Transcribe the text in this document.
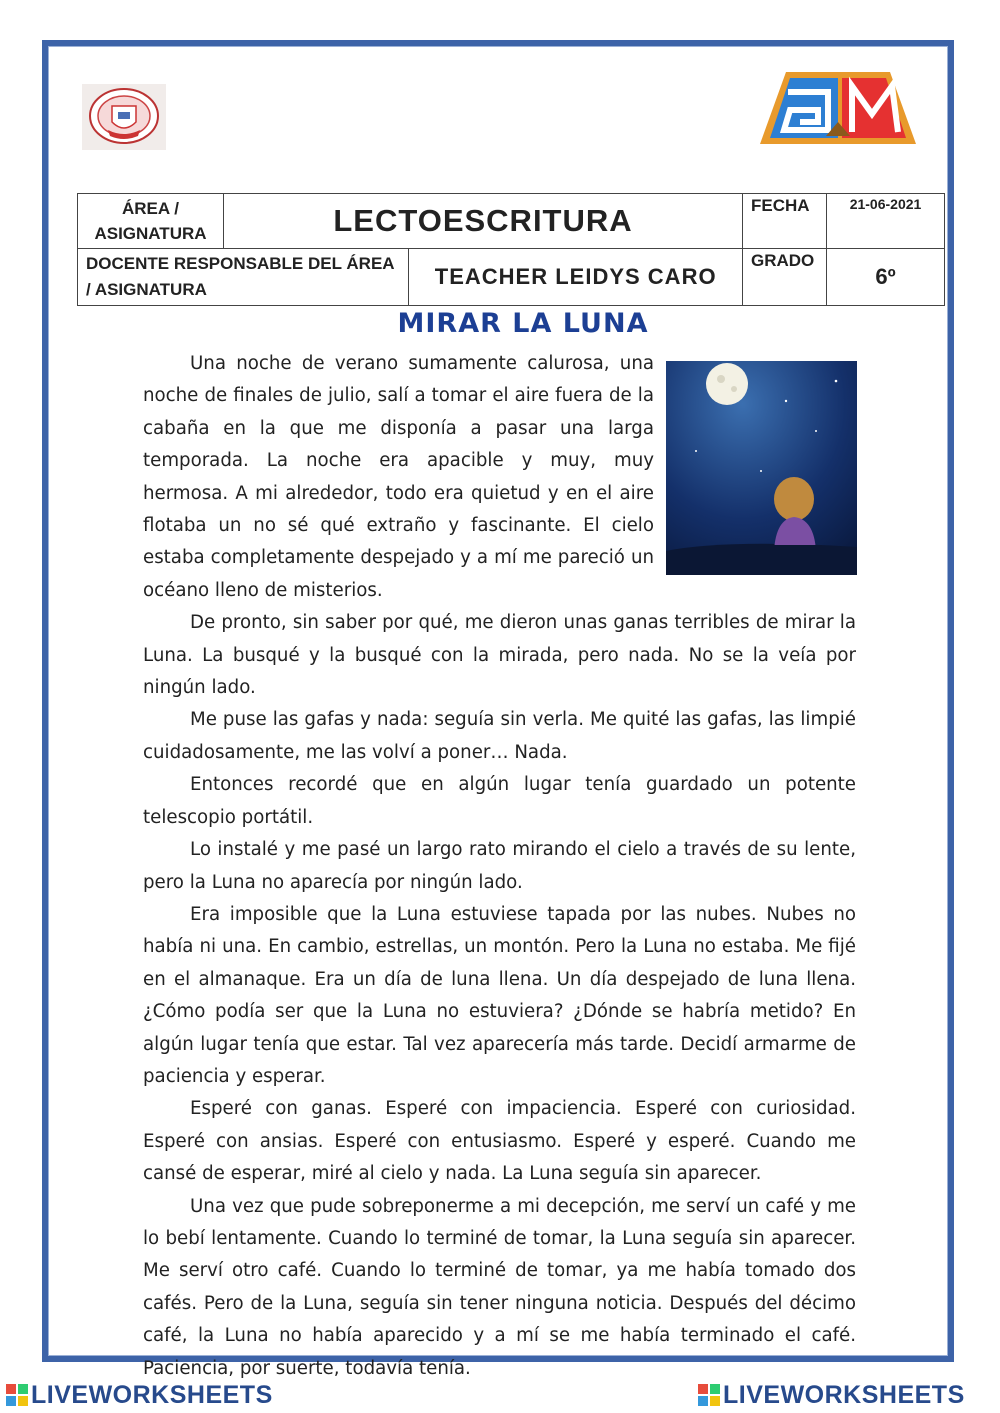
ÁREA / ASIGNATURA	LECTOESCRITURA		FECHA	21-06-2021
DOCENTE RESPONSABLE DEL ÁREA / ASIGNATURA		TEACHER LEIDYS CARO	GRADO	6º
MIRAR LA LUNA

Una noche de verano sumamente calurosa, una noche de finales de julio, salí a tomar el aire fuera de la cabaña en la que me disponía a pasar una larga temporada. La noche era apacible y muy, muy hermosa. A mi alrededor, todo era quietud y en el aire flotaba un no sé qué extraño y fascinante. El cielo estaba completamente despejado y a mí me pareció un océano lleno de misterios.

De pronto, sin saber por qué, me dieron unas ganas terribles de mirar la Luna. La busqué y la busqué con la mirada, pero nada. No se la veía por ningún lado.

Me puse las gafas y nada: seguía sin verla. Me quité las gafas, las limpié cuidadosamente, me las volví a poner… Nada.

Entonces recordé que en algún lugar tenía guardado un potente telescopio portátil.

Lo instalé y me pasé un largo rato mirando el cielo a través de su lente, pero la Luna no aparecía por ningún lado.

Era imposible que la Luna estuviese tapada por las nubes. Nubes no había ni una. En cambio, estrellas, un montón. Pero la Luna no estaba. Me fijé en el almanaque. Era un día de luna llena. Un día despejado de luna llena. ¿Cómo podía ser que la Luna no estuviera? ¿Dónde se habría metido? En algún lugar tenía que estar. Tal vez aparecería más tarde. Decidí armarme de paciencia y esperar.

Esperé con ganas. Esperé con impaciencia. Esperé con curiosidad. Esperé con ansias. Esperé con entusiasmo. Esperé y esperé. Cuando me cansé de esperar, miré al cielo y nada. La Luna seguía sin aparecer.

Una vez que pude sobreponerme a mi decepción, me serví un café y me lo bebí lentamente. Cuando lo terminé de tomar, la Luna seguía sin aparecer. Me serví otro café. Cuando lo terminé de tomar, ya me había tomado dos cafés. Pero de la Luna, seguía sin tener ninguna noticia. Después del décimo café, la Luna no había aparecido y a mí se me había terminado el café. Paciencia, por suerte, todavía tenía.

LIVEWORKSHEETS	LIVEWORKSHEETS
